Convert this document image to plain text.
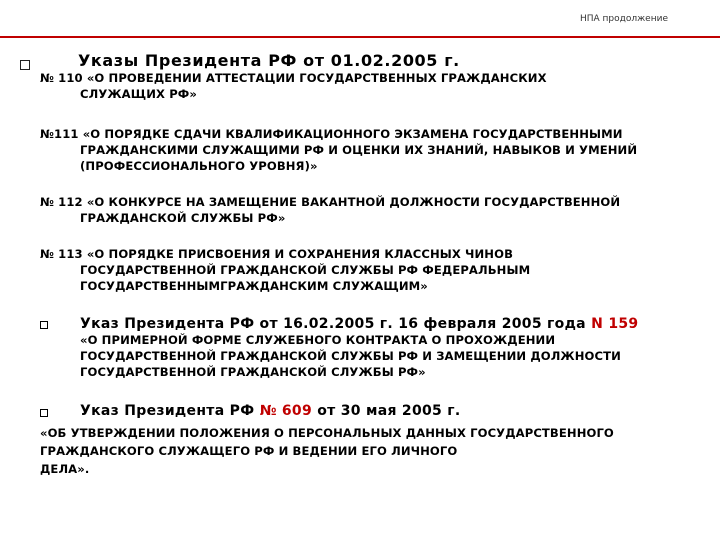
НПА продолжение
Указы Президента РФ от 01.02.2005 г.
№ 110 «О ПРОВЕДЕНИИ АТТЕСТАЦИИ ГОСУДАРСТВЕННЫХ ГРАЖДАНСКИХ
СЛУЖАЩИХ РФ»
№111 «О ПОРЯДКЕ СДАЧИ КВАЛИФИКАЦИОННОГО ЭКЗАМЕНА ГОСУДАРСТВЕННЫМИ
ГРАЖДАНСКИМИ СЛУЖАЩИМИ РФ И ОЦЕНКИ ИХ ЗНАНИЙ, НАВЫКОВ И УМЕНИЙ
(ПРОФЕССИОНАЛЬНОГО УРОВНЯ)»
№ 112 «О КОНКУРСЕ НА ЗАМЕЩЕНИЕ ВАКАНТНОЙ ДОЛЖНОСТИ ГОСУДАРСТВЕННОЙ
ГРАЖДАНСКОЙ СЛУЖБЫ РФ»
№ 113 «О ПОРЯДКЕ ПРИСВОЕНИЯ И СОХРАНЕНИЯ КЛАССНЫХ ЧИНОВ
ГОСУДАРСТВЕННОЙ ГРАЖДАНСКОЙ СЛУЖБЫ РФ ФЕДЕРАЛЬНЫМ
ГОСУДАРСТВЕННЫМГРАЖДАНСКИМ СЛУЖАЩИМ»
Указ Президента РФ от 16.02.2005 г. 16 февраля 2005 года N 159
«О ПРИМЕРНОЙ ФОРМЕ СЛУЖЕБНОГО КОНТРАКТА О ПРОХОЖДЕНИИ
ГОСУДАРСТВЕННОЙ ГРАЖДАНСКОЙ СЛУЖБЫ РФ И ЗАМЕЩЕНИИ ДОЛЖНОСТИ
ГОСУДАРСТВЕННОЙ ГРАЖДАНСКОЙ СЛУЖБЫ РФ»
Указ Президента РФ № 609 от 30 мая 2005 г.
«ОБ УТВЕРЖДЕНИИ ПОЛОЖЕНИЯ О ПЕРСОНАЛЬНЫХ ДАННЫХ ГОСУДАРСТВЕННОГО
ГРАЖДАНСКОГО СЛУЖАЩЕГО РФ И ВЕДЕНИИ ЕГО ЛИЧНОГО
ДЕЛА».
